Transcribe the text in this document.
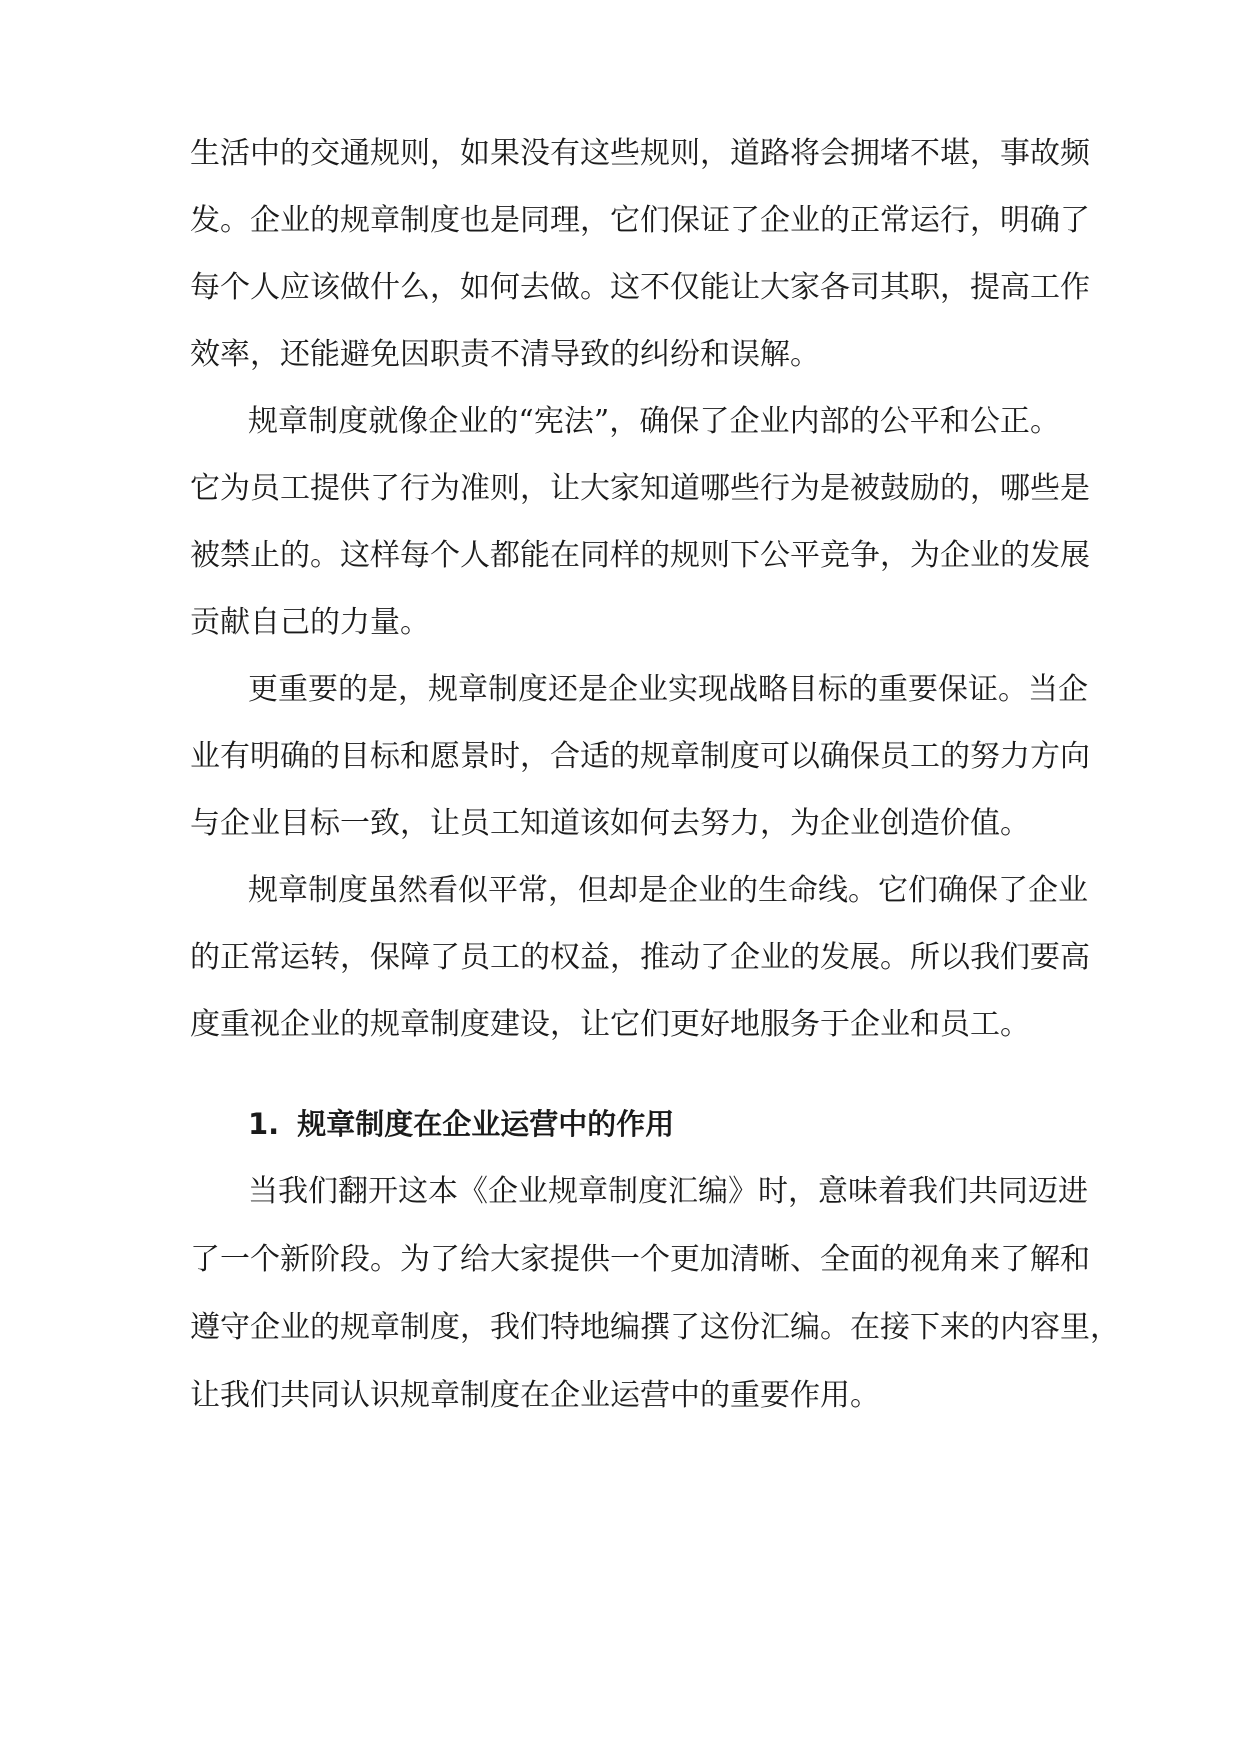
生活中的交通规则，如果没有这些规则，道路将会拥堵不堪，事故频
发。企业的规章制度也是同理，它们保证了企业的正常运行，明确了
每个人应该做什么，如何去做。这不仅能让大家各司其职，提高工作
效率，还能避免因职责不清导致的纠纷和误解。
规章制度就像企业的“宪法”，确保了企业内部的公平和公正。
它为员工提供了行为准则，让大家知道哪些行为是被鼓励的，哪些是
被禁止的。这样每个人都能在同样的规则下公平竞争，为企业的发展
贡献自己的力量。
更重要的是，规章制度还是企业实现战略目标的重要保证。当企
业有明确的目标和愿景时，合适的规章制度可以确保员工的努力方向
与企业目标一致，让员工知道该如何去努力，为企业创造价值。
规章制度虽然看似平常，但却是企业的生命线。它们确保了企业
的正常运转，保障了员工的权益，推动了企业的发展。所以我们要高
度重视企业的规章制度建设，让它们更好地服务于企业和员工。
1. 规章制度在企业运营中的作用
当我们翻开这本《企业规章制度汇编》时，意味着我们共同迈进
了一个新阶段。为了给大家提供一个更加清晰、全面的视角来了解和
遵守企业的规章制度，我们特地编撰了这份汇编。在接下来的内容里，
让我们共同认识规章制度在企业运营中的重要作用。
